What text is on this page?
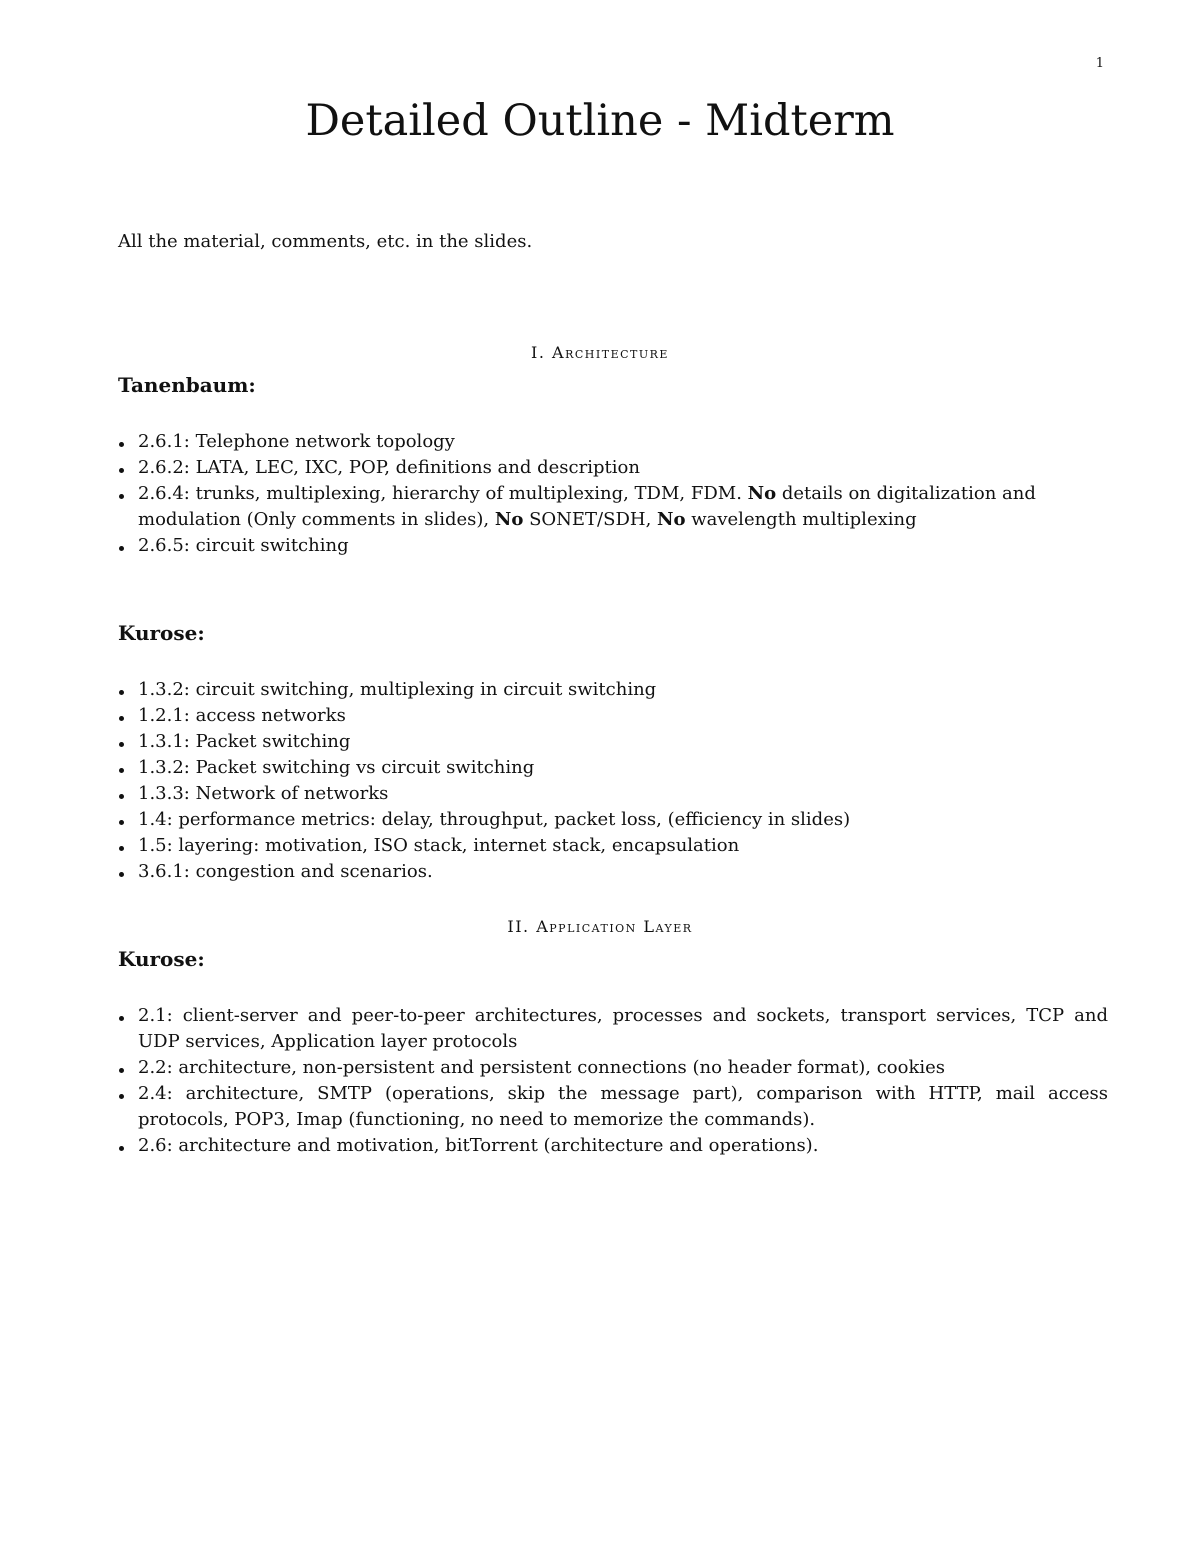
1
Detailed Outline - Midterm
All the material, comments, etc. in the slides.
I. Architecture
Tanenbaum:
2.6.1: Telephone network topology
2.6.2: LATA, LEC, IXC, POP, definitions and description
2.6.4: trunks, multiplexing, hierarchy of multiplexing, TDM, FDM. No details on digitalization and modulation (Only comments in slides), No SONET/SDH, No wavelength multiplexing
2.6.5: circuit switching
Kurose:
1.3.2: circuit switching, multiplexing in circuit switching
1.2.1: access networks
1.3.1: Packet switching
1.3.2: Packet switching vs circuit switching
1.3.3: Network of networks
1.4: performance metrics: delay, throughput, packet loss, (efficiency in slides)
1.5: layering: motivation, ISO stack, internet stack, encapsulation
3.6.1: congestion and scenarios.
II. Application Layer
Kurose:
2.1: client-server and peer-to-peer architectures, processes and sockets, transport services, TCP and UDP services, Application layer protocols
2.2: architecture, non-persistent and persistent connections (no header format), cookies
2.4: architecture, SMTP (operations, skip the message part), comparison with HTTP, mail access protocols, POP3, Imap (functioning, no need to memorize the commands).
2.6: architecture and motivation, bitTorrent (architecture and operations).
